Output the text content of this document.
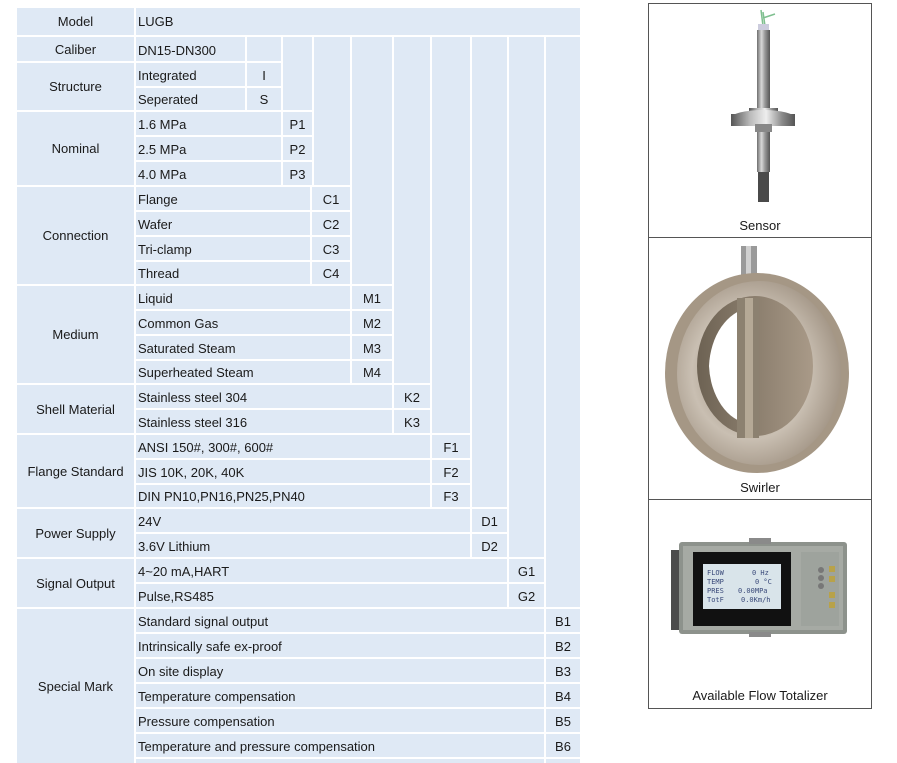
Model	LUGB
Caliber	DN15-DN300
Structure
Integrated	I
Seperated	S
Nominal
1.6 MPa	P1
2.5 MPa	P2
4.0 MPa	P3
Connection
Flange	C1
Wafer	C2
Tri-clamp	C3
Thread	C4
Medium
Liquid	M1
Common Gas	M2
Saturated Steam	M3
Superheated Steam	M4
Shell Material
Stainless steel 304	K2
Stainless steel 316	K3
Flange Standard
ANSI 150#, 300#, 600#	F1
JIS 10K, 20K, 40K	F2
DIN PN10,PN16,PN25,PN40	F3
Power Supply
24V	D1
3.6V Lithium	D2
Signal Output
4~20 mA,HART	G1
Pulse,RS485	G2
Special Mark
Standard signal output	B1
Intrinsically safe ex-proof	B2
On site display	B3
Temperature compensation	B4
Pressure compensation	B5
Temperature and pressure compensation	B6
Sensor
Swirler
FLOW	0 Hz
TEMP	0 °C
PRES 0.00MPa
TotF 0.0Km/h
Available Flow Totalizer
